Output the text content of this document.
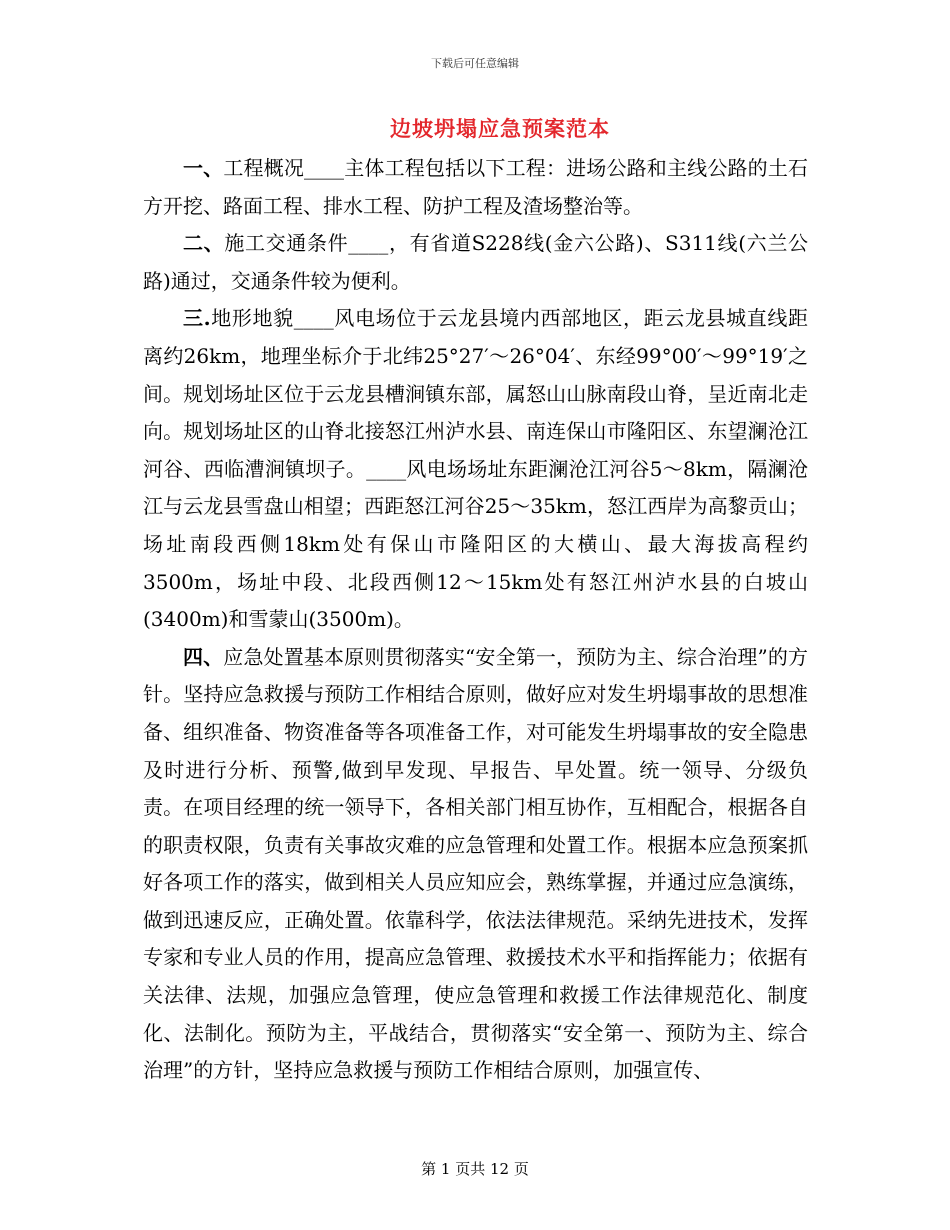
下载后可任意编辑
边坡坍塌应急预案范本

一、工程概况____主体工程包括以下工程：进场公路和主线公路的土石方开挖、路面工程、排水工程、防护工程及渣场整治等。

二、施工交通条件____，有省道S228线(金六公路)、S311线(六兰公路)通过，交通条件较为便利。

三.地形地貌____风电场位于云龙县境内西部地区，距云龙县城直线距离约26km，地理坐标介于北纬25°27′～26°04′、东经99°00′～99°19′之间。规划场址区位于云龙县槽涧镇东部，属怒山山脉南段山脊，呈近南北走向。规划场址区的山脊北接怒江州泸水县、南连保山市隆阳区、东望澜沧江河谷、西临漕涧镇坝子。____风电场场址东距澜沧江河谷5～8km，隔澜沧江与云龙县雪盘山相望；西距怒江河谷25～35km，怒江西岸为高黎贡山；场址南段西侧18km处有保山市隆阳区的大横山、最大海拔高程约3500m，场址中段、北段西侧12～15km处有怒江州泸水县的白坡山(3400m)和雪蒙山(3500m)。

四、应急处置基本原则贯彻落实“安全第一，预防为主、综合治理”的方针。坚持应急救援与预防工作相结合原则，做好应对发生坍塌事故的思想准备、组织准备、物资准备等各项准备工作，对可能发生坍塌事故的安全隐患及时进行分析、预警,做到早发现、早报告、早处置。统一领导、分级负责。在项目经理的统一领导下，各相关部门相互协作，互相配合，根据各自的职责权限，负责有关事故灾难的应急管理和处置工作。根据本应急预案抓好各项工作的落实，做到相关人员应知应会，熟练掌握，并通过应急演练，做到迅速反应，正确处置。依靠科学，依法法律规范。采纳先进技术，发挥专家和专业人员的作用，提高应急管理、救援技术水平和指挥能力；依据有关法律、法规，加强应急管理，使应急管理和救援工作法律规范化、制度化、法制化。预防为主，平战结合，贯彻落实“安全第一、预防为主、综合治理”的方针，坚持应急救援与预防工作相结合原则，加强宣传、

第 1 页共 12 页
